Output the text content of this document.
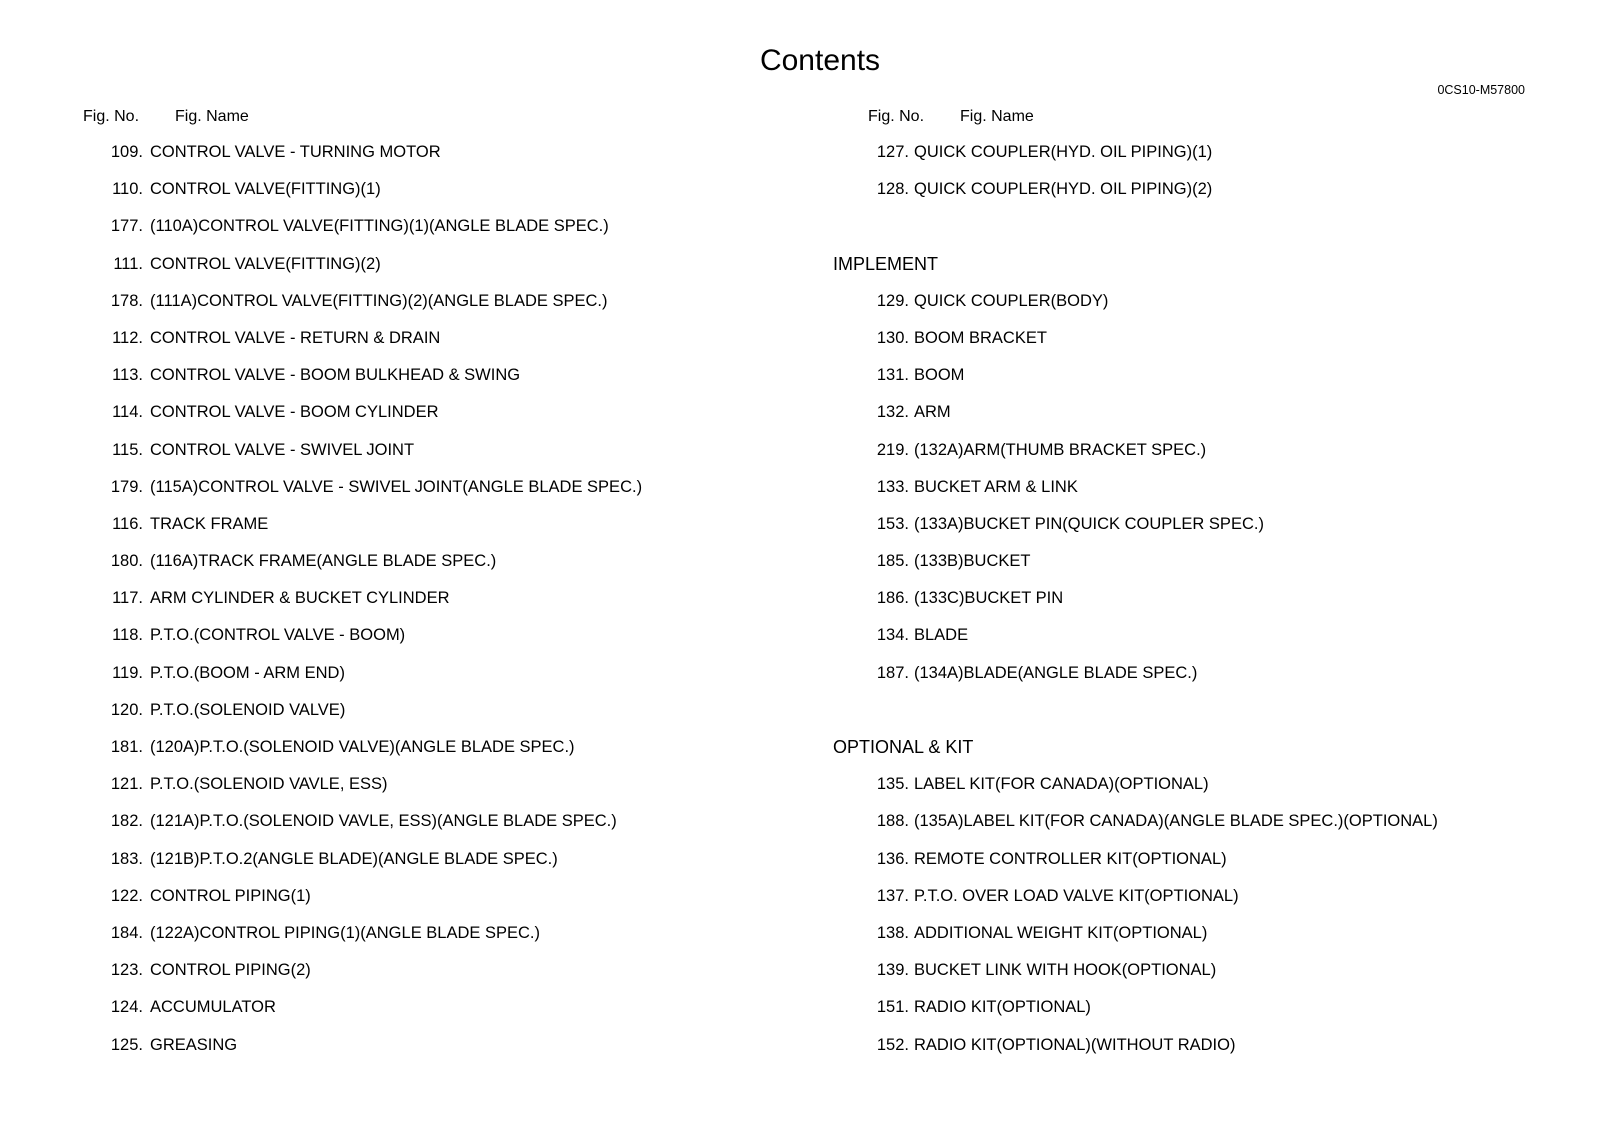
Contents
0CS10-M57800
Fig. No. Fig. Name	Fig. No. Fig. Name
109. CONTROL VALVE - TURNING MOTOR
110. CONTROL VALVE(FITTING)(1)
177. (110A)CONTROL VALVE(FITTING)(1)(ANGLE BLADE SPEC.)
111. CONTROL VALVE(FITTING)(2)
178. (111A)CONTROL VALVE(FITTING)(2)(ANGLE BLADE SPEC.)
112. CONTROL VALVE - RETURN & DRAIN
113. CONTROL VALVE - BOOM BULKHEAD & SWING
114. CONTROL VALVE - BOOM CYLINDER
115. CONTROL VALVE - SWIVEL JOINT
179. (115A)CONTROL VALVE - SWIVEL JOINT(ANGLE BLADE SPEC.)
116. TRACK FRAME
180. (116A)TRACK FRAME(ANGLE BLADE SPEC.)
117. ARM CYLINDER & BUCKET CYLINDER
118. P.T.O.(CONTROL VALVE - BOOM)
119. P.T.O.(BOOM - ARM END)
120. P.T.O.(SOLENOID VALVE)
181. (120A)P.T.O.(SOLENOID VALVE)(ANGLE BLADE SPEC.)
121. P.T.O.(SOLENOID VAVLE, ESS)
182. (121A)P.T.O.(SOLENOID VAVLE, ESS)(ANGLE BLADE SPEC.)
183. (121B)P.T.O.2(ANGLE BLADE)(ANGLE BLADE SPEC.)
122. CONTROL PIPING(1)
184. (122A)CONTROL PIPING(1)(ANGLE BLADE SPEC.)
123. CONTROL PIPING(2)
124. ACCUMULATOR
125. GREASING
127. QUICK COUPLER(HYD. OIL PIPING)(1)
128. QUICK COUPLER(HYD. OIL PIPING)(2)
IMPLEMENT
129. QUICK COUPLER(BODY)
130. BOOM BRACKET
131. BOOM
132. ARM
219. (132A)ARM(THUMB BRACKET SPEC.)
133. BUCKET ARM & LINK
153. (133A)BUCKET PIN(QUICK COUPLER SPEC.)
185. (133B)BUCKET
186. (133C)BUCKET PIN
134. BLADE
187. (134A)BLADE(ANGLE BLADE SPEC.)
OPTIONAL & KIT
135. LABEL KIT(FOR CANADA)(OPTIONAL)
188. (135A)LABEL KIT(FOR CANADA)(ANGLE BLADE SPEC.)(OPTIONAL)
136. REMOTE CONTROLLER KIT(OPTIONAL)
137. P.T.O. OVER LOAD VALVE KIT(OPTIONAL)
138. ADDITIONAL WEIGHT KIT(OPTIONAL)
139. BUCKET LINK WITH HOOK(OPTIONAL)
151. RADIO KIT(OPTIONAL)
152. RADIO KIT(OPTIONAL)(WITHOUT RADIO)
